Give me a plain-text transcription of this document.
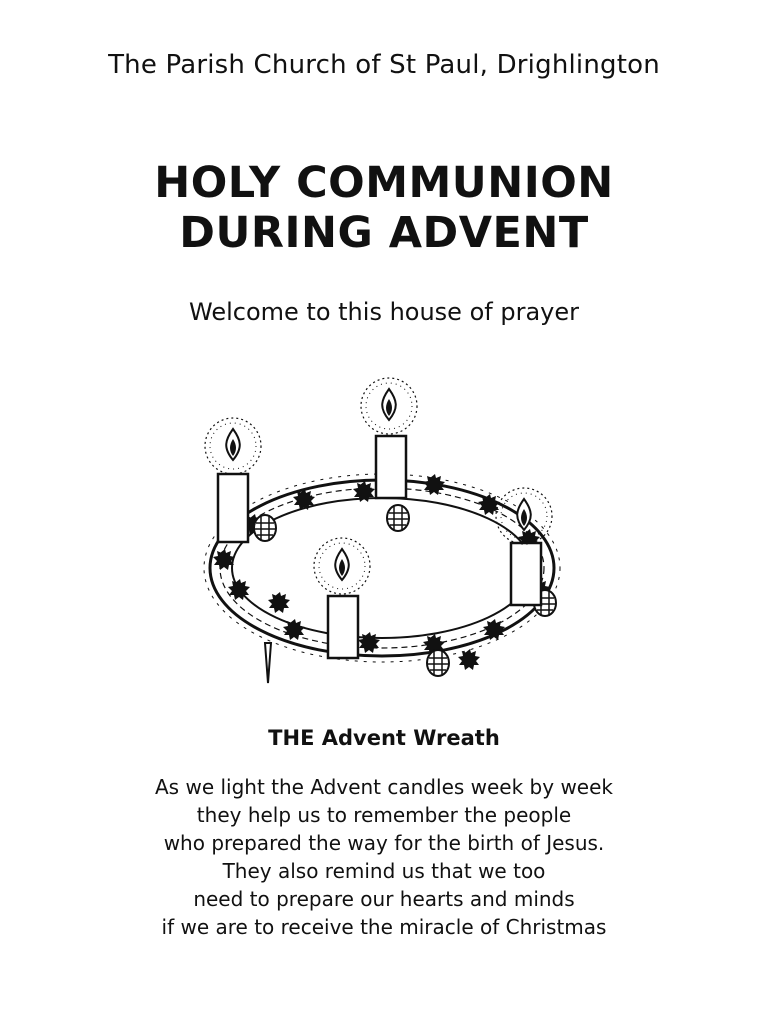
The Parish Church of St Paul, Drighlington
HOLY COMMUNION
DURING ADVENT
Welcome to this house of prayer
THE Advent Wreath
As we light the Advent candles week by week
they help us to remember the people
who prepared the way for the birth of Jesus.
They also remind us that we too
need to prepare our hearts and minds
if we are to receive the miracle of Christmas
